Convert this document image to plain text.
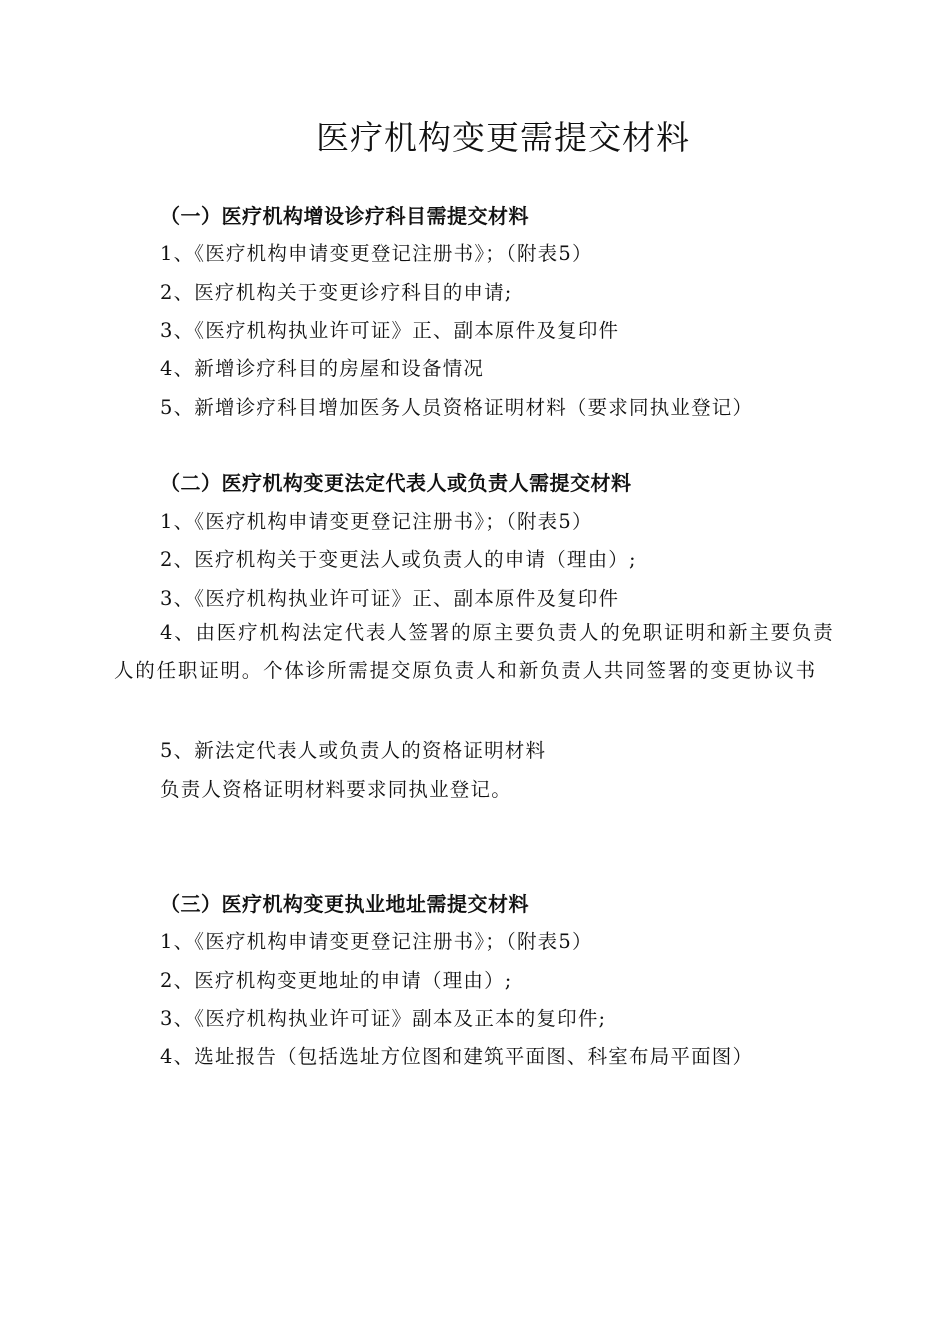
医疗机构变更需提交材料

（一）医疗机构增设诊疗科目需提交材料

1、《医疗机构申请变更登记注册书》；（附表5）

2、医疗机构关于变更诊疗科目的申请;

3、《医疗机构执业许可证》正、副本原件及复印件

4、新增诊疗科目的房屋和设备情况

5、新增诊疗科目增加医务人员资格证明材料（要求同执业登记）

（二）医疗机构变更法定代表人或负责人需提交材料

1、《医疗机构申请变更登记注册书》；（附表5）

2、医疗机构关于变更法人或负责人的申请（理由）;

3、《医疗机构执业许可证》正、副本原件及复印件

4、由医疗机构法定代表人签署的原主要负责人的免职证明和新主要负责人的任职证明。个体诊所需提交原负责人和新负责人共同签署的变更协议书

5、新法定代表人或负责人的资格证明材料

负责人资格证明材料要求同执业登记。

（三）医疗机构变更执业地址需提交材料

1、《医疗机构申请变更登记注册书》；（附表5）

2、医疗机构变更地址的申请（理由）;

3、《医疗机构执业许可证》副本及正本的复印件;

4、选址报告（包括选址方位图和建筑平面图、科室布局平面图）
